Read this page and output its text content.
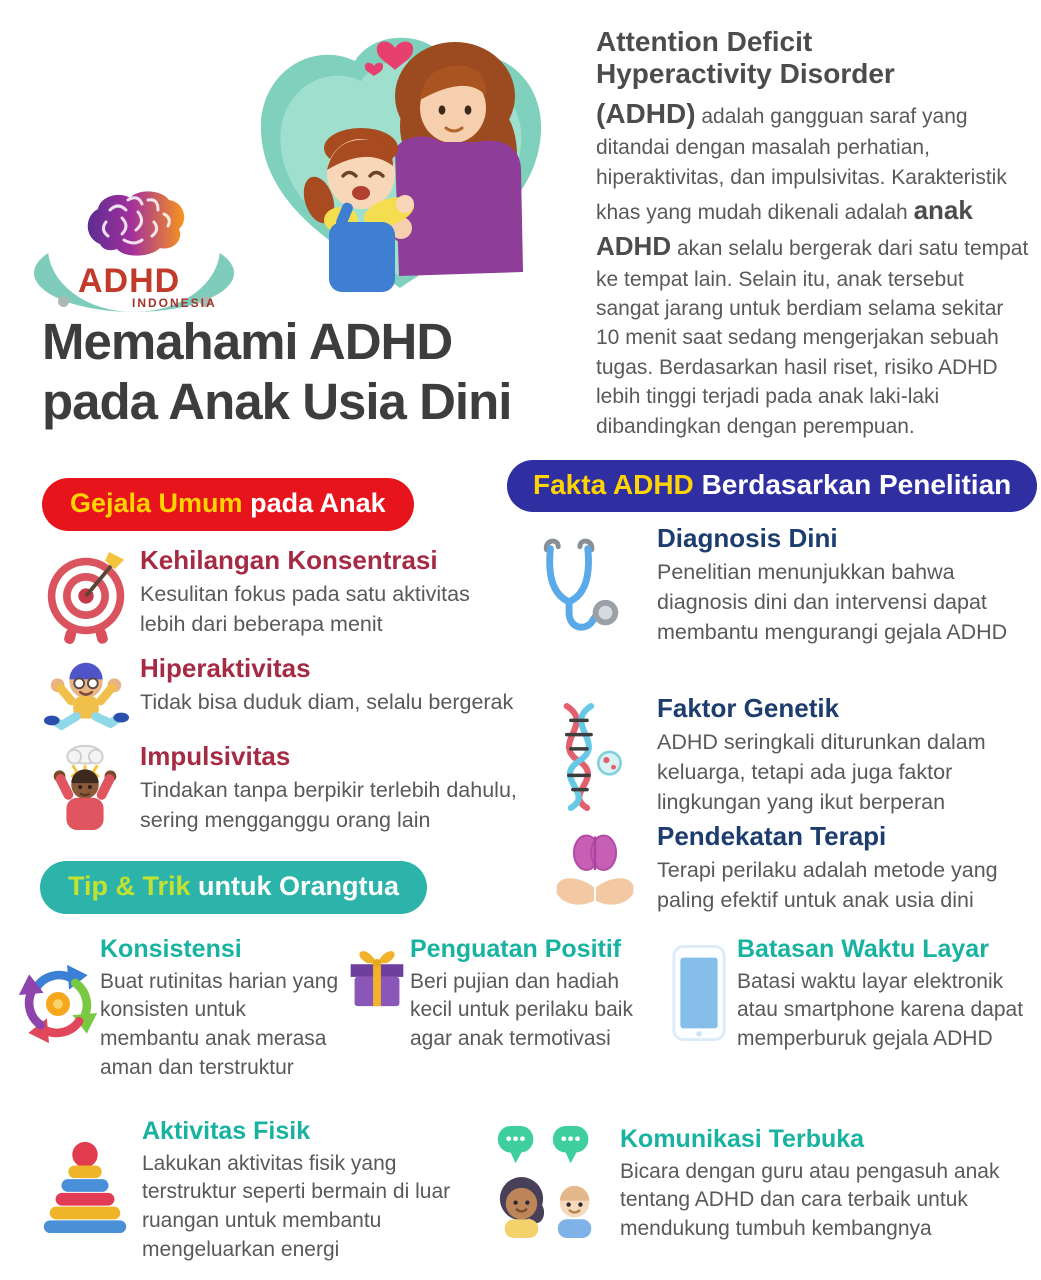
ADHD
INDONESIA
Attention Deficit
Hyperactivity Disorder

(ADHD) adalah gangguan saraf yang ditandai dengan masalah perhatian, hiperaktivitas, dan impulsivitas. Karakteristik khas yang mudah dikenali adalah anak ADHD akan selalu bergerak dari satu tempat ke tempat lain. Selain itu, anak tersebut sangat jarang untuk berdiam selama sekitar 10 menit saat sedang mengerjakan sebuah tugas. Berdasarkan hasil riset, risiko ADHD lebih tinggi terjadi pada anak laki-laki dibandingkan dengan perempuan.

Memahami ADHD
pada Anak Usia Dini
Gejala Umum pada Anak
Kehilangan Konsentrasi

Kesulitan fokus pada satu aktivitas lebih dari beberapa menit

Hiperaktivitas

Tidak bisa duduk diam, selalu bergerak

Impulsivitas

Tindakan tanpa berpikir terlebih dahulu, sering mengganggu orang lain

Fakta ADHD Berdasarkan Penelitian
Diagnosis Dini

Penelitian menunjukkan bahwa diagnosis dini dan intervensi dapat membantu mengurangi gejala ADHD

Faktor Genetik

ADHD seringkali diturunkan dalam keluarga, tetapi ada juga faktor lingkungan yang ikut berperan

Pendekatan Terapi

Terapi perilaku adalah metode yang paling efektif untuk anak usia dini

Tip & Trik untuk Orangtua
Konsistensi

Buat rutinitas harian yang konsisten untuk membantu anak merasa aman dan terstruktur

Penguatan Positif

Beri pujian dan hadiah kecil untuk perilaku baik agar anak termotivasi

Batasan Waktu Layar

Batasi waktu layar elektronik atau smartphone karena dapat memperburuk gejala ADHD

Aktivitas Fisik

Lakukan aktivitas fisik yang terstruktur seperti bermain di luar ruangan untuk membantu mengeluarkan energi

Komunikasi Terbuka

Bicara dengan guru atau pengasuh anak tentang ADHD dan cara terbaik untuk mendukung tumbuh kembangnya
